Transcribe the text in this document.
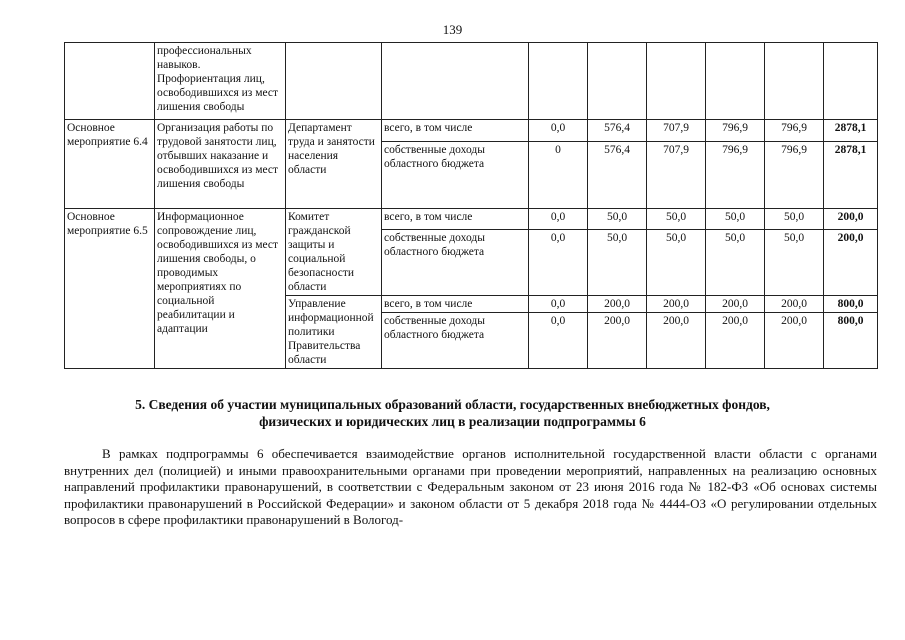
139
	профессиональных навыков. Профориентация лиц, освободившихся из мест лишения свободы								
Основное мероприятие 6.4	Организация работы по трудовой занятости лиц, отбывших наказание и освободившихся из мест лишения свободы	Департамент труда и занятости населения области	всего, в том числе	0,0	576,4	707,9	796,9	796,9	2878,1
			собственные доходы областного бюджета	0	576,4	707,9	796,9	796,9	2878,1
Основное мероприятие 6.5	Информационное сопровождение лиц, освободившихся из мест лишения свободы, о проводимых мероприятиях по социальной реабилитации и адаптации	Комитет гражданской защиты и социальной безопасности области	всего, в том числе	0,0	50,0	50,0	50,0	50,0	200,0
			собственные доходы областного бюджета	0,0	50,0	50,0	50,0	50,0	200,0
		Управление информационной политики Правительства области	всего, в том числе	0,0	200,0	200,0	200,0	200,0	800,0
			собственные доходы областного бюджета	0,0	200,0	200,0	200,0	200,0	800,0
5. Сведения об участии муниципальных образований области, государственных внебюджетных фондов, физических и юридических лиц в реализации подпрограммы 6

В рамках подпрограммы 6 обеспечивается взаимодействие органов исполнительной государственной власти области с органами внутренних дел (полицией) и иными правоохранительными органами при проведении мероприятий, направленных на реализацию основных направлений профилактики правонарушений, в соответствии с Федеральным законом от 23 июня 2016 года № 182-ФЗ «Об основах системы профилактики правонарушений в Российской Федерации» и законом области от 5 декабря 2018 года № 4444-ОЗ «О регулировании отдельных вопросов в сфере профилактики правонарушений в Вологод-
